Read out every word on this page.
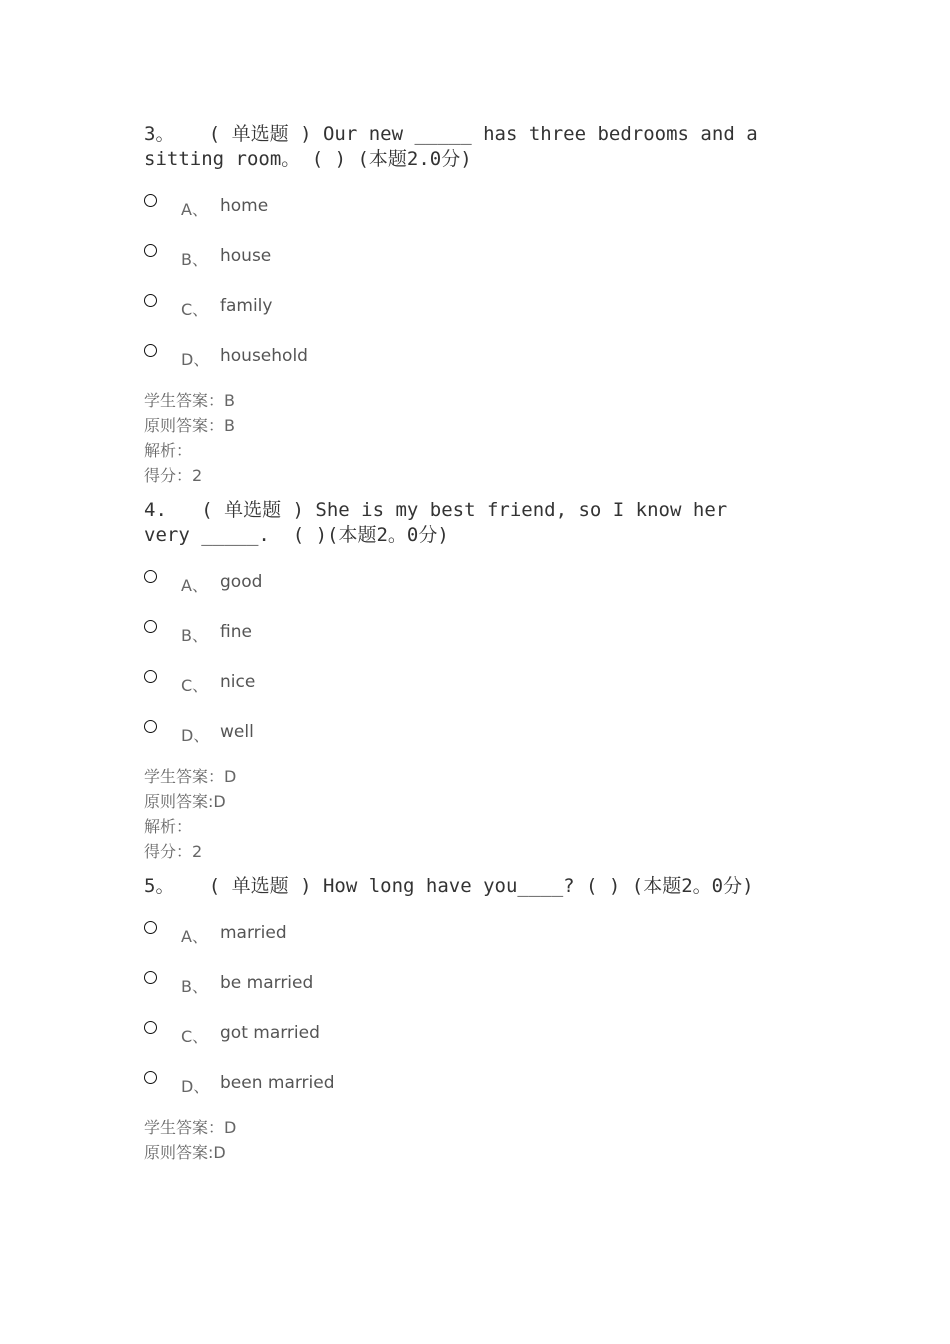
3。   ( 单选题 ) Our new _____ has three bedrooms and a sitting room。 ( ) (本题2.0分)

A、 home
B、 house
C、 family
D、 household
学生答案：B
原则答案：B
解析：
得分：2

4.   ( 单选题 ) She is my best friend, so I know her very _____.  ( )(本题2。0分)

A、 good
B、 fine
C、 nice
D、 well
学生答案：D
原则答案:D
解析：
得分：2

5。   ( 单选题 ) How long have you____? ( ) (本题2。0分)

A、 married
B、 be married
C、 got married
D、 been married
学生答案：D
原则答案:D
